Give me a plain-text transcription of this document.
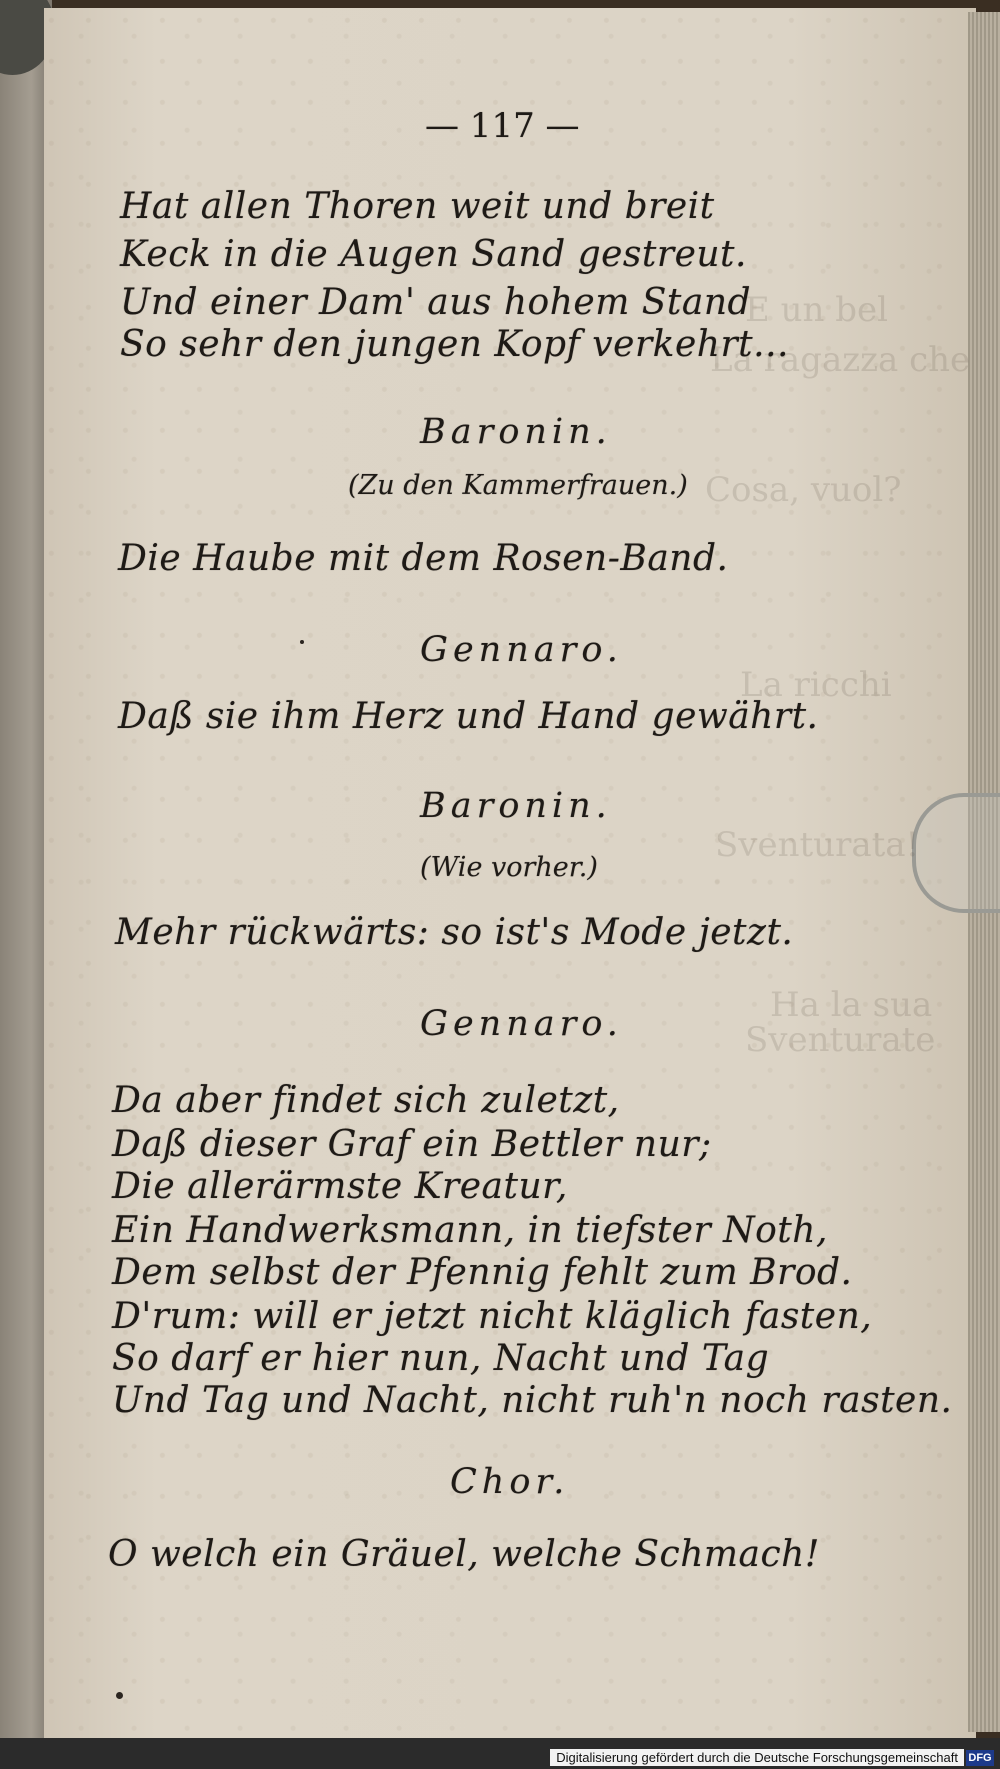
E un bel
La ragazza che
Cosa, vuol?
La ricchi
Sventurata!
Ha la sua
Sventurate
— 117 —
Hat allen Thoren weit und breit
Keck in die Augen Sand gestreut.
Und einer Dam' aus hohem Stand
So sehr den jungen Kopf verkehrt...
Baronin.
(Zu den Kammerfrauen.)
Die Haube mit dem Rosen-Band.
Gennaro.
Daß sie ihm Herz und Hand gewährt.
Baronin.
(Wie vorher.)
Mehr rückwärts: so ist's Mode jetzt.
Gennaro.
Da aber findet sich zuletzt,
Daß dieser Graf ein Bettler nur;
Die allerärmste Kreatur,
Ein Handwerksmann, in tiefster Noth,
Dem selbst der Pfennig fehlt zum Brod.
D'rum: will er jetzt nicht kläglich fasten,
So darf er hier nun, Nacht und Tag
Und Tag und Nacht, nicht ruh'n noch rasten.
Chor.
O welch ein Gräuel, welche Schmach!
Digitalisierung gefördert durch die Deutsche Forschungsgemeinschaft DFG
